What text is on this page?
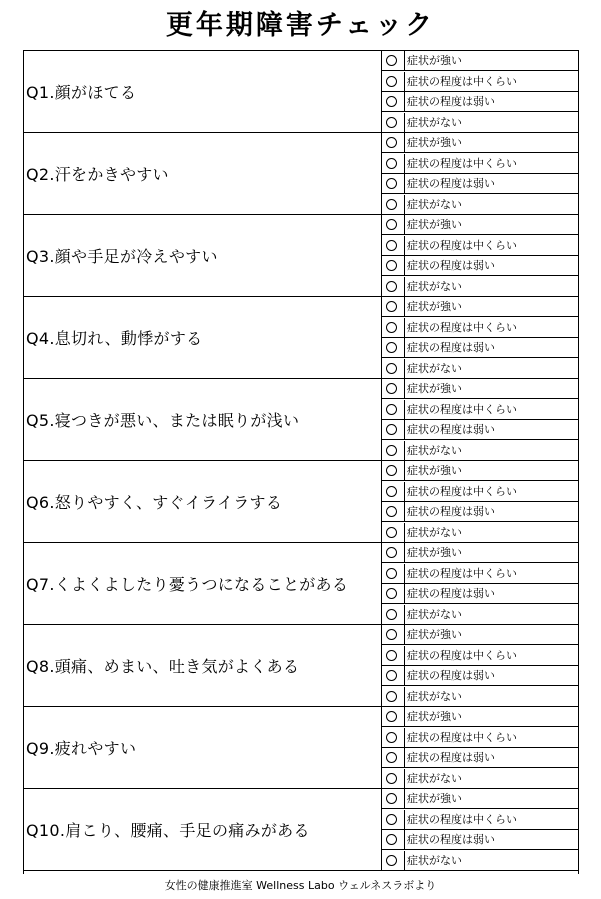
更年期障害チェック
Q1.顔がほてる
症状が強い
症状の程度は中くらい
症状の程度は弱い
症状がない
Q2.汗をかきやすい
症状が強い
症状の程度は中くらい
症状の程度は弱い
症状がない
Q3.顔や手足が冷えやすい
症状が強い
症状の程度は中くらい
症状の程度は弱い
症状がない
Q4.息切れ、動悸がする
症状が強い
症状の程度は中くらい
症状の程度は弱い
症状がない
Q5.寝つきが悪い、または眠りが浅い
症状が強い
症状の程度は中くらい
症状の程度は弱い
症状がない
Q6.怒りやすく、すぐイライラする
症状が強い
症状の程度は中くらい
症状の程度は弱い
症状がない
Q7.くよくよしたり憂うつになることがある
症状が強い
症状の程度は中くらい
症状の程度は弱い
症状がない
Q8.頭痛、めまい、吐き気がよくある
症状が強い
症状の程度は中くらい
症状の程度は弱い
症状がない
Q9.疲れやすい
症状が強い
症状の程度は中くらい
症状の程度は弱い
症状がない
Q10.肩こり、腰痛、手足の痛みがある
症状が強い
症状の程度は中くらい
症状の程度は弱い
症状がない
女性の健康推進室 Wellness Labo ウェルネスラボより
